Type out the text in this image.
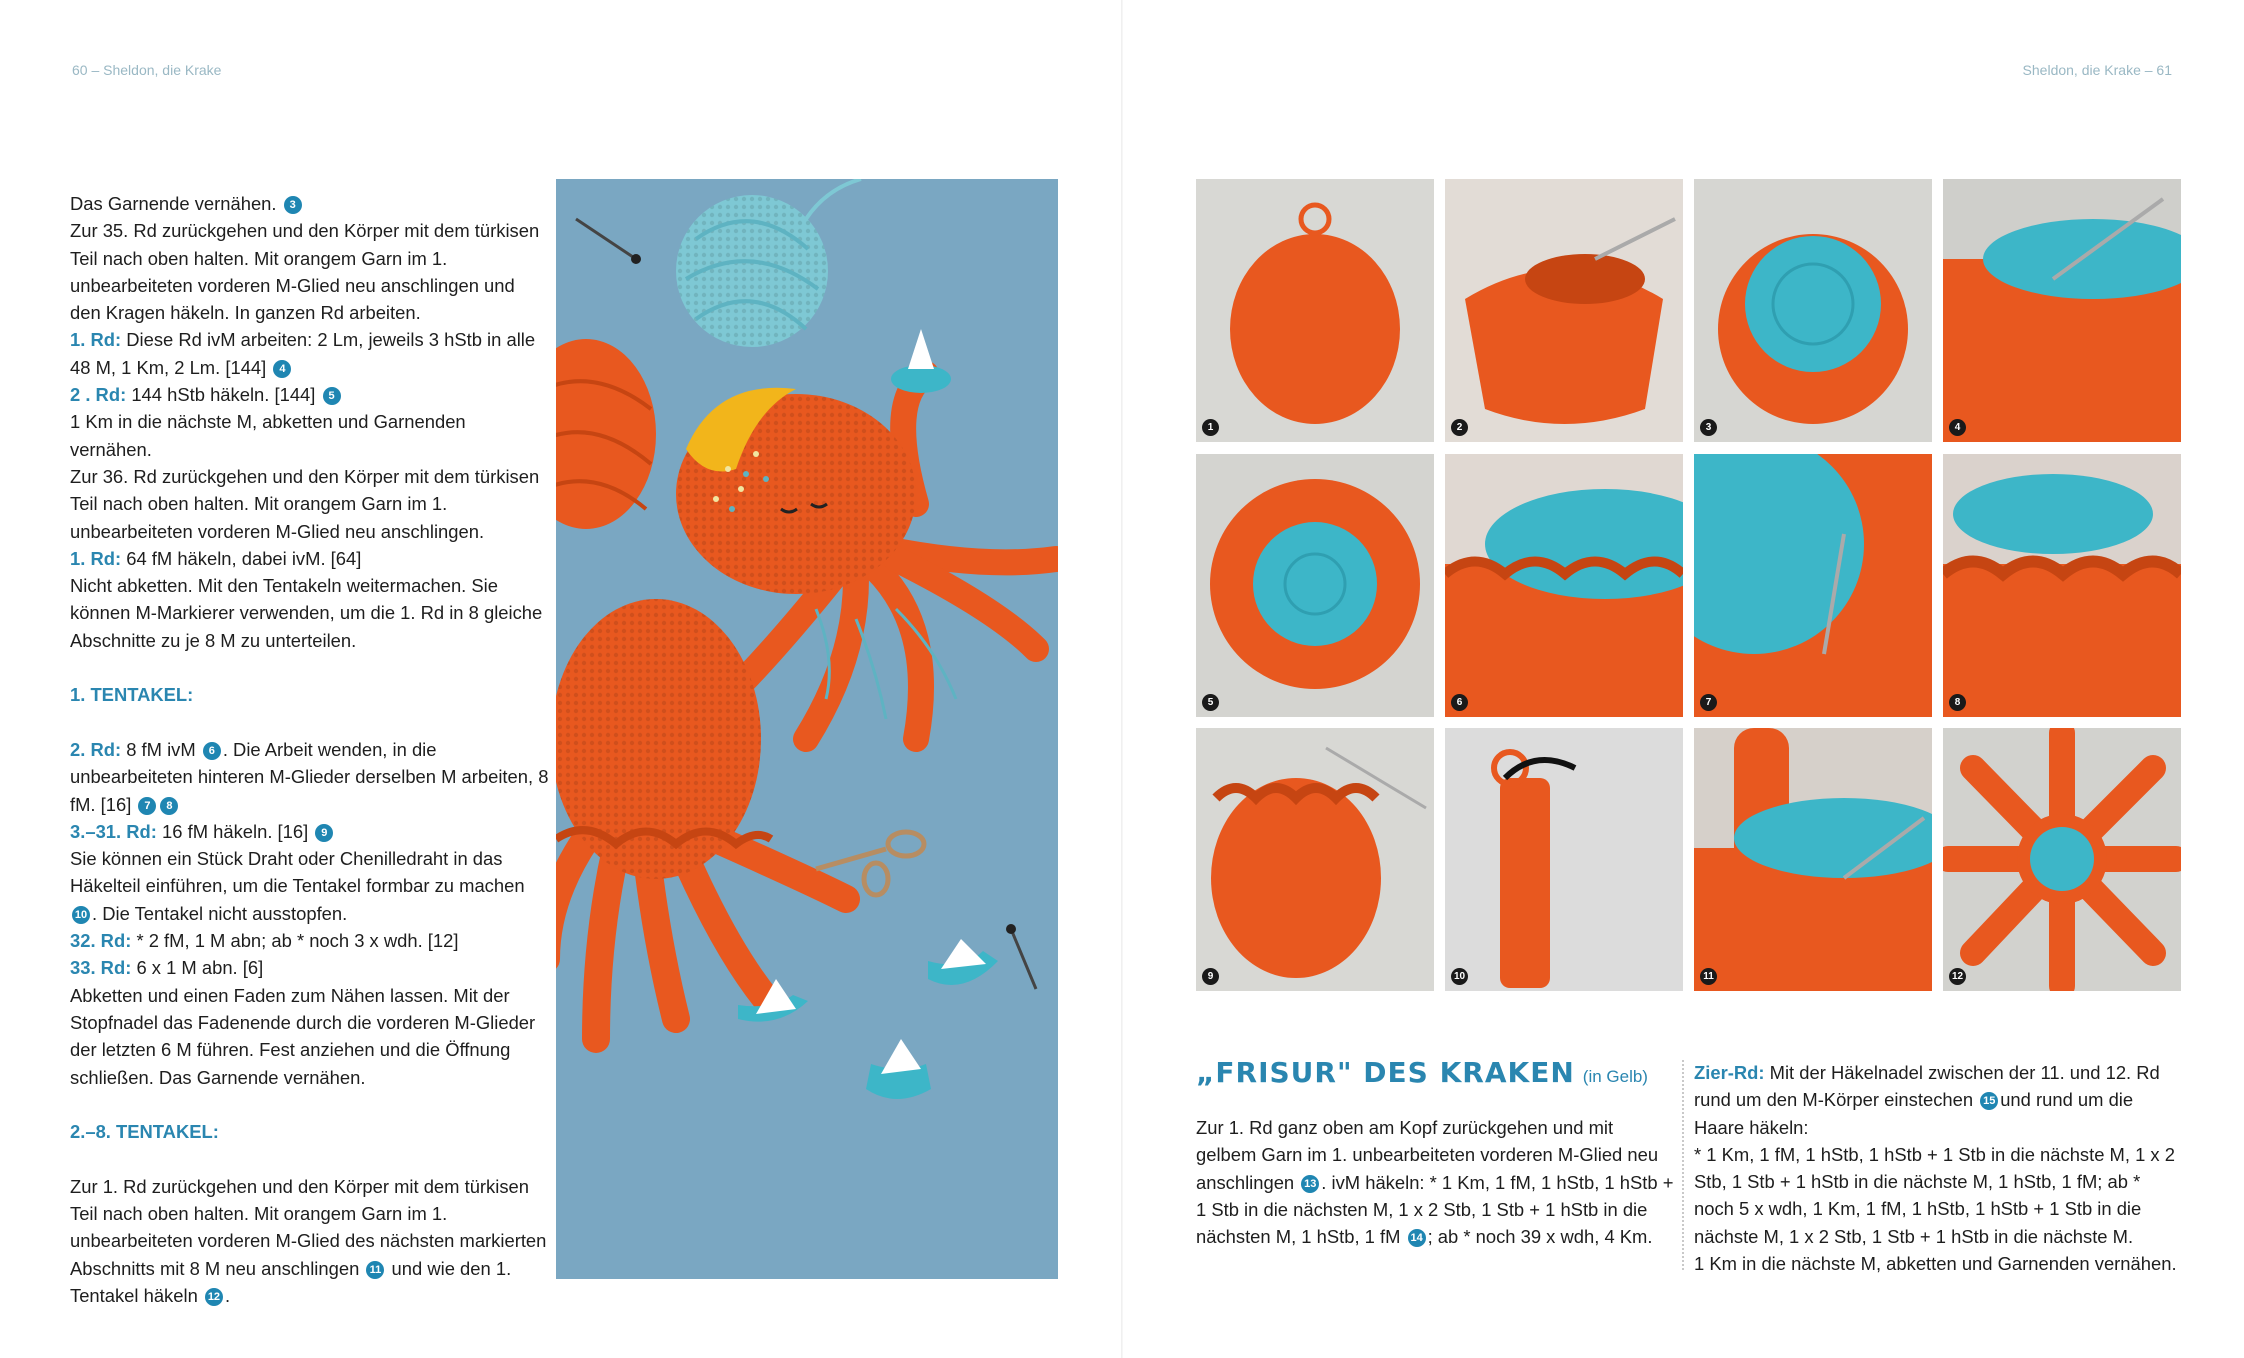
60 – Sheldon, die Krake	Sheldon, die Krake – 61

Das Garnende vernähen. 3

Zur 35. Rd zurückgehen und den Körper mit dem türkisen Teil nach oben halten. Mit orangem Garn im 1. unbearbeiteten vorderen M-Glied neu anschlingen und den Kragen häkeln. In ganzen Rd arbeiten.

1. Rd: Diese Rd ivM arbeiten: 2 Lm, jeweils 3 hStb in alle 48 M, 1 Km, 2 Lm. [144] 4

2 . Rd: 144 hStb häkeln. [144] 5

1 Km in die nächste M, abketten und Garnenden vernähen.

Zur 36. Rd zurückgehen und den Körper mit dem türkisen Teil nach oben halten. Mit orangem Garn im 1. unbearbeiteten vorderen M-Glied neu anschlingen.

1. Rd: 64 fM häkeln, dabei ivM. [64]

Nicht abketten. Mit den Tentakeln weitermachen. Sie können M-Markierer verwenden, um die 1. Rd in 8 gleiche Abschnitte zu je 8 M zu unterteilen.

1. TENTAKEL:

2. Rd: 8 fM ivM 6 . Die Arbeit wenden, in die unbearbeiteten hinteren M-Glieder derselben M arbeiten, 8 fM. [16] 7 8

3.–31. Rd: 16 fM häkeln. [16] 9

Sie können ein Stück Draht oder Chenilledraht in das Häkelteil einführen, um die Tentakel formbar zu machen 10 . Die Tentakel nicht ausstopfen.

32. Rd: * 2 fM, 1 M abn; ab * noch 3 x wdh. [12]

33. Rd: 6 x 1 M abn. [6]

Abketten und einen Faden zum Nähen lassen. Mit der Stopfnadel das Fadenende durch die vorderen M-Glieder der letzten 6 M führen. Fest anziehen und die Öffnung schließen. Das Garnende vernähen.

2.–8. TENTAKEL:

Zur 1. Rd zurückgehen und den Körper mit dem türkisen Teil nach oben halten. Mit orangem Garn im 1. unbearbeiteten vorderen M-Glied des nächsten markierten Abschnitts mit 8 M neu anschlingen 11 und wie den 1. Tentakel häkeln 12 .

1	2	3	4
5	6	7	8
9	10	11	12
„FRISUR" DES KRAKEN (in Gelb)

Zur 1. Rd ganz oben am Kopf zurückgehen und mit gelbem Garn im 1. unbearbeiteten vorderen M-Glied neu anschlingen 13 . ivM häkeln: * 1 Km, 1 fM, 1 hStb, 1 hStb + 1 Stb in die nächsten M, 1 x 2 Stb, 1 Stb + 1 hStb in die nächsten M, 1 hStb, 1 fM 14 ; ab * noch 39 x wdh, 4 Km.

Zier-Rd: Mit der Häkelnadel zwischen der 11. und 12. Rd rund um den M-Körper einstechen 15 und rund um die Haare häkeln:

* 1 Km, 1 fM, 1 hStb, 1 hStb + 1 Stb in die nächste M, 1 x 2 Stb, 1 Stb + 1 hStb in die nächste M, 1 hStb, 1 fM; ab * noch 5 x wdh, 1 Km, 1 fM, 1 hStb, 1 hStb + 1 Stb in die nächste M, 1 x 2 Stb, 1 Stb + 1 hStb in die nächste M.

1 Km in die nächste M, abketten und Garnenden vernähen.
